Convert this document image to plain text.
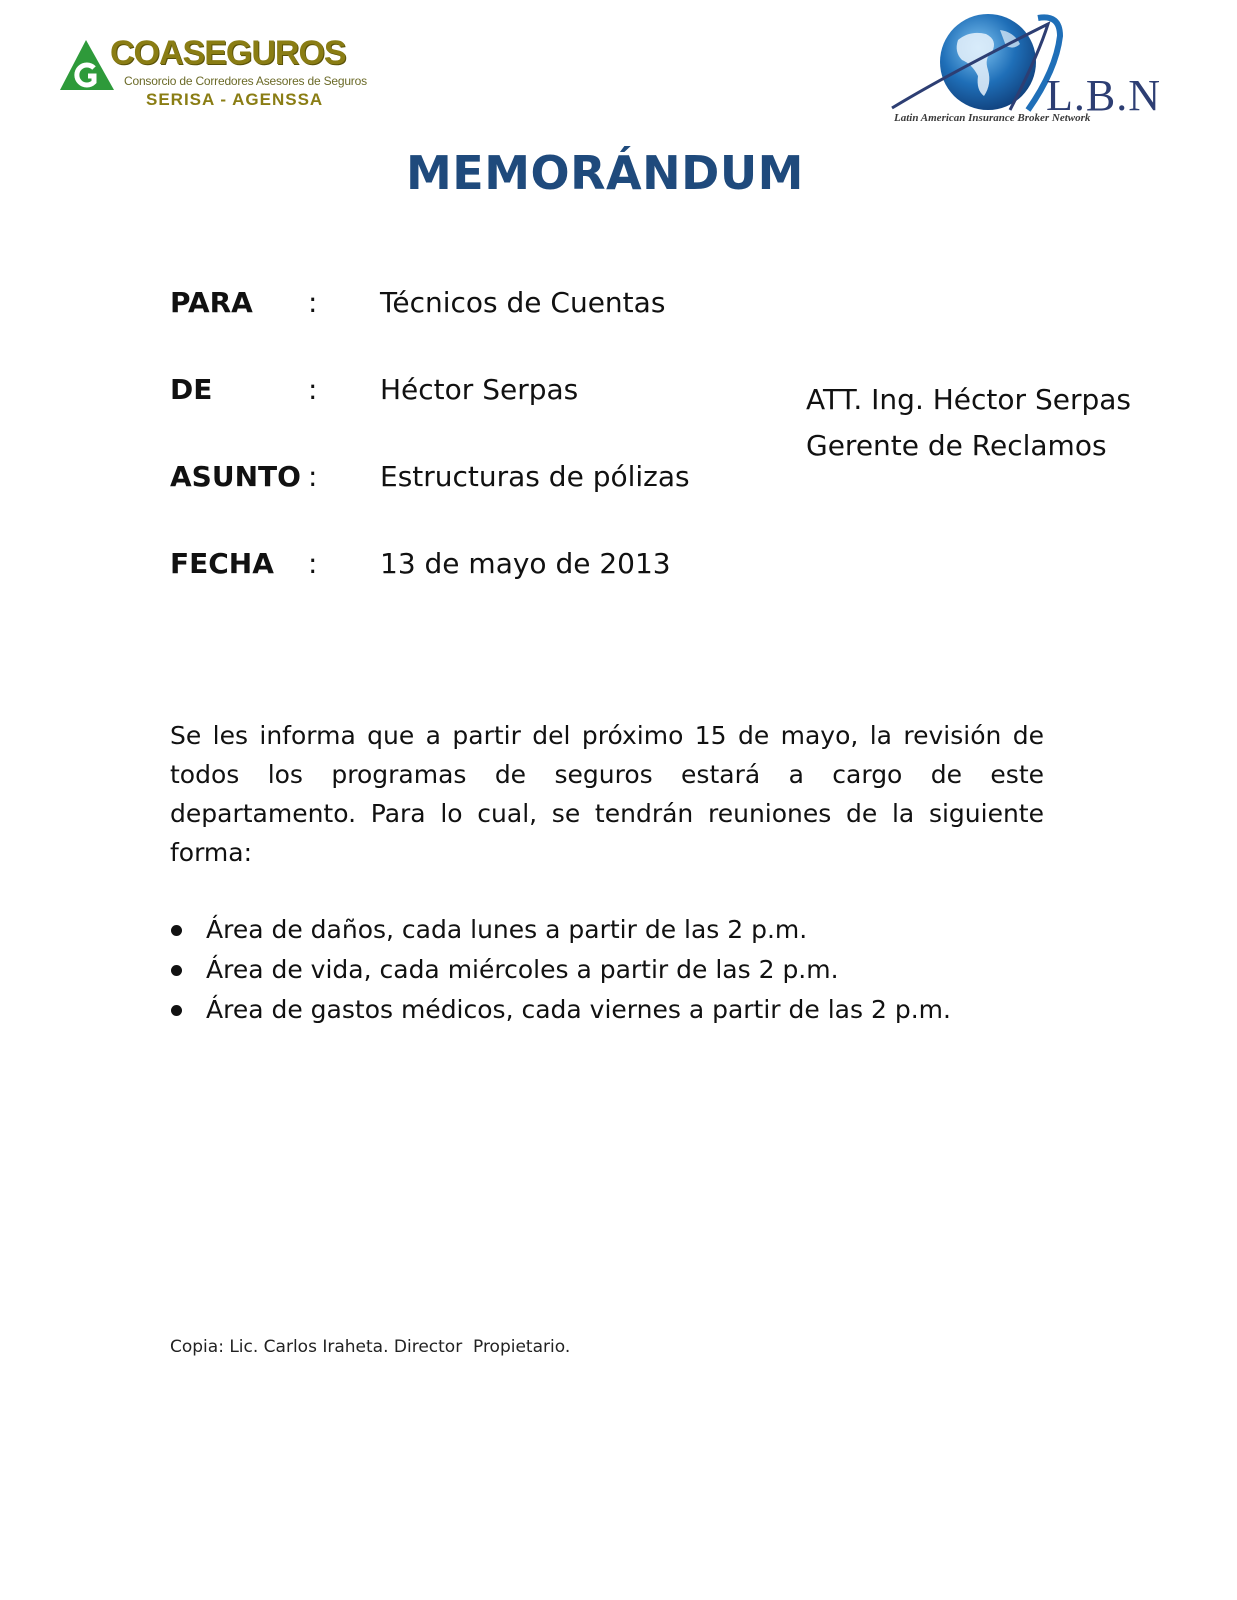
COASEGUROS
Consorcio de Corredores Asesores de Seguros
SERISA - AGENSSA	L.B.N
Latin American Insurance Broker Network
MEMORÁNDUM
PARA : Técnicos de Cuentas
DE	: Héctor Serpas
ASUNTO : Estructuras de pólizas
FECHA : 13 de mayo de 2013
ATT. Ing. Héctor Serpas
Gerente de Reclamos
Se les informa que a partir del próximo 15 de mayo, la revisión de todos los programas de seguros estará a cargo de este departamento. Para lo cual, se tendrán reuniones de la siguiente forma:
Área de daños, cada lunes a partir de las 2 p.m.
Área de vida, cada miércoles a partir de las 2 p.m.
Área de gastos médicos, cada viernes a partir de las 2 p.m.
Copia: Lic. Carlos Iraheta. Director  Propietario.
